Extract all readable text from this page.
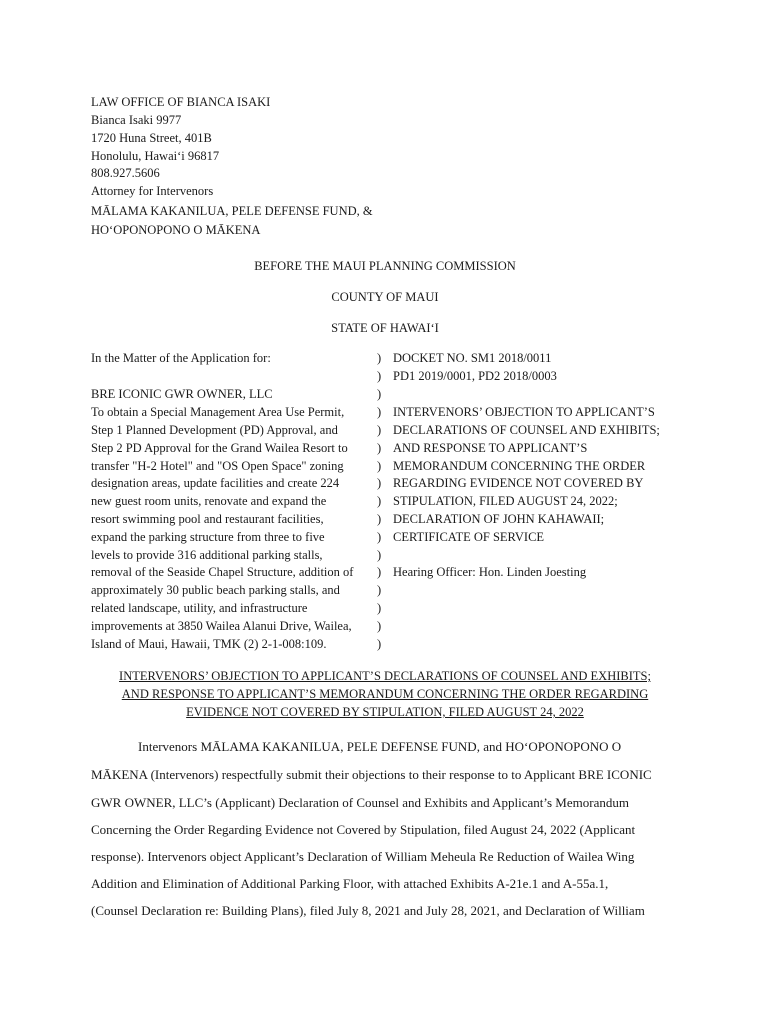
LAW OFFICE OF BIANCA ISAKI
Bianca Isaki 9977
1720 Huna Street, 401B
Honolulu, Hawai‘i 96817
808.927.5606
Attorney for Intervenors
MĀLAMA KAKANILUA, PELE DEFENSE FUND, &
HOʻOPONOPONO O MĀKENA
BEFORE THE MAUI PLANNING COMMISSION
COUNTY OF MAUI
STATE OF HAWAI‘I
In the Matter of the Application for:
BRE ICONIC GWR OWNER, LLC
To obtain a Special Management Area Use Permit,
Step 1 Planned Development (PD) Approval, and
Step 2 PD Approval for the Grand Wailea Resort to
transfer "H-2 Hotel" and "OS Open Space" zoning
designation areas, update facilities and create 224
new guest room units, renovate and expand the
resort swimming pool and restaurant facilities,
expand the parking structure from three to five
levels to provide 316 additional parking stalls,
removal of the Seaside Chapel Structure, addition of
approximately 30 public beach parking stalls, and
related landscape, utility, and infrastructure
improvements at 3850 Wailea Alanui Drive, Wailea,
Island of Maui, Hawaii, TMK (2) 2-1-008:109.
)
)
)
)
)
)
)
)
)
)
)
)
)
)
)
)
)
DOCKET NO. SM1 2018/0011
PD1 2019/0001, PD2 2018/0003
INTERVENORS’ OBJECTION TO APPLICANT’S
DECLARATIONS OF COUNSEL AND EXHIBITS;
AND RESPONSE TO APPLICANT’S
MEMORANDUM CONCERNING THE ORDER
REGARDING EVIDENCE NOT COVERED BY
STIPULATION, FILED AUGUST 24, 2022;
DECLARATION OF JOHN KAHAWAII;
CERTIFICATE OF SERVICE
Hearing Officer: Hon. Linden Joesting
INTERVENORS’ OBJECTION TO APPLICANT’S DECLARATIONS OF COUNSEL AND EXHIBITS;
AND RESPONSE TO APPLICANT’S MEMORANDUM CONCERNING THE ORDER REGARDING
EVIDENCE NOT COVERED BY STIPULATION, FILED AUGUST 24, 2022
Intervenors MĀLAMA KAKANILUA, PELE DEFENSE FUND, and HOʻOPONOPONO O
MĀKENA (Intervenors) respectfully submit their objections to their response to to Applicant BRE ICONIC
GWR OWNER, LLC’s (Applicant) Declaration of Counsel and Exhibits and Applicant’s Memorandum
Concerning the Order Regarding Evidence not Covered by Stipulation, filed August 24, 2022 (Applicant
response). Intervenors object Applicant’s Declaration of William Meheula Re Reduction of Wailea Wing
Addition and Elimination of Additional Parking Floor, with attached Exhibits A-21e.1 and A-55a.1,
(Counsel Declaration re: Building Plans), filed July 8, 2021 and July 28, 2021, and Declaration of William
